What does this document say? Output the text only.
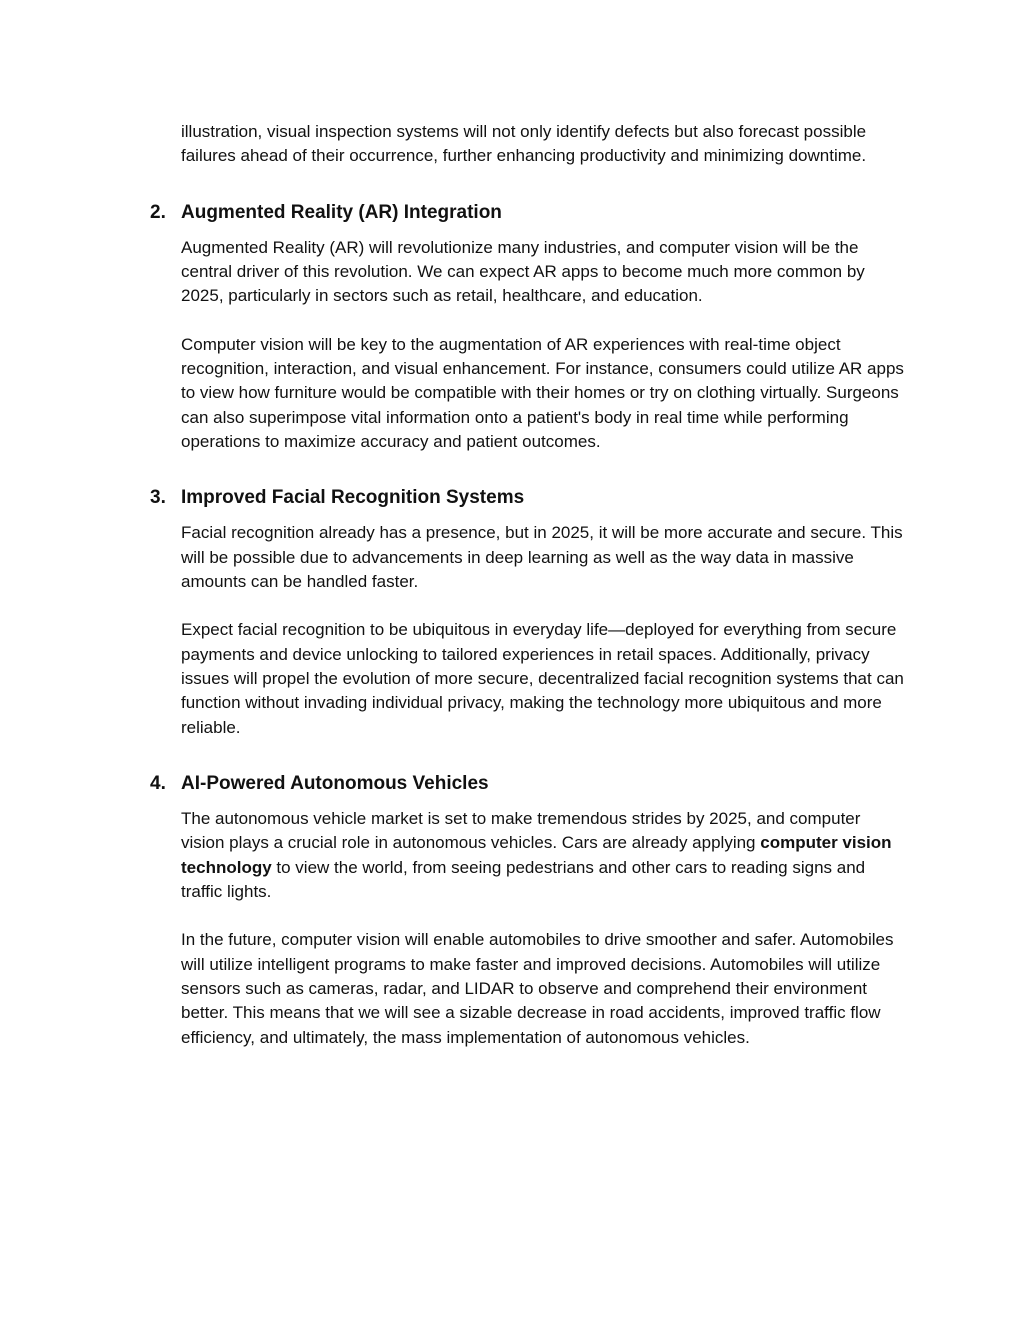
illustration, visual inspection systems will not only identify defects but also forecast possible failures ahead of their occurrence, further enhancing productivity and minimizing downtime.

2. Augmented Reality (AR) Integration

Augmented Reality (AR) will revolutionize many industries, and computer vision will be the central driver of this revolution. We can expect AR apps to become much more common by 2025, particularly in sectors such as retail, healthcare, and education.

Computer vision will be key to the augmentation of AR experiences with real-time object recognition, interaction, and visual enhancement. For instance, consumers could utilize AR apps to view how furniture would be compatible with their homes or try on clothing virtually. Surgeons can also superimpose vital information onto a patient's body in real time while performing operations to maximize accuracy and patient outcomes.

3. Improved Facial Recognition Systems

Facial recognition already has a presence, but in 2025, it will be more accurate and secure. This will be possible due to advancements in deep learning as well as the way data in massive amounts can be handled faster.

Expect facial recognition to be ubiquitous in everyday life—deployed for everything from secure payments and device unlocking to tailored experiences in retail spaces. Additionally, privacy issues will propel the evolution of more secure, decentralized facial recognition systems that can function without invading individual privacy, making the technology more ubiquitous and more reliable.

4. AI-Powered Autonomous Vehicles

The autonomous vehicle market is set to make tremendous strides by 2025, and computer vision plays a crucial role in autonomous vehicles. Cars are already applying computer vision technology to view the world, from seeing pedestrians and other cars to reading signs and traffic lights.

In the future, computer vision will enable automobiles to drive smoother and safer. Automobiles will utilize intelligent programs to make faster and improved decisions. Automobiles will utilize sensors such as cameras, radar, and LIDAR to observe and comprehend their environment better. This means that we will see a sizable decrease in road accidents, improved traffic flow efficiency, and ultimately, the mass implementation of autonomous vehicles.
